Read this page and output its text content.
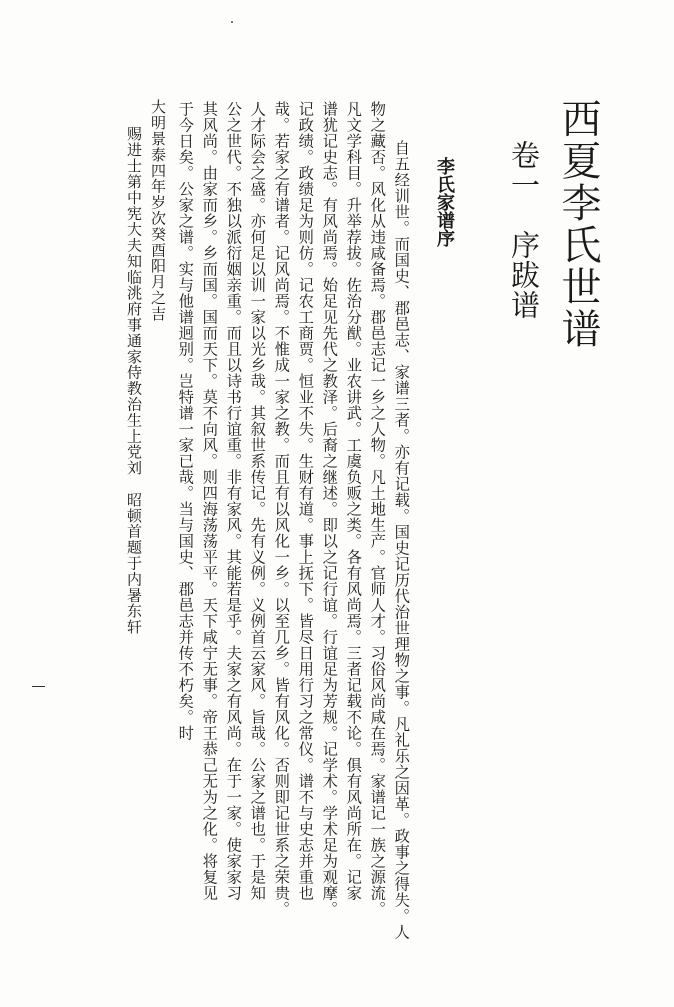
西夏李氏世谱
卷一　序跋谱
李氏家谱序
自五经训世。而国史、郡邑志、家谱三者。亦有记载。国史记历代治世理物之事。凡礼乐之因革。政事之得失。人
物之藏否。风化从违咸备焉。郡邑志记一乡之人物。凡土地生产。官师人才。习俗风尚咸在焉。家谱记一族之源流。
凡文学科目。升举荐拔。佐治分猷。业农讲武。工虞负贩之类。各有风尚焉。三者记载不论。俱有风尚所在。记家
谱犹记史志。有风尚焉。始足见先代之教泽。后裔之继述。即以之记行谊。行谊足为芳规。记学术。学术足为观摩。
记政绩。政绩足为则仿。记农工商贾。恒业不失。生财有道。事上抚下。皆尽日用行习之常仪。谱不与史志并重也
哉。若家之有谱者。记风尚焉。不惟成一家之教。而且有以风化一乡。以至几乡。皆有风化。否则即记世系之荣贵。
人才际会之盛。亦何足以训一家以光乡哉。其叙世系传记。先有义例。义例首云家风。旨哉。公家之谱也。于是知
公之世代。不独以派衍姻亲重。而且以诗书行谊重。非有家风。其能若是乎。夫家之有风尚。在于一家。使家家习
其风尚。由家而乡。乡而国。国而天下。莫不向风。则四海荡荡平平。天下咸宁无事。帝王恭己无为之化。将复见
于今日矣。公家之谱。实与他谱迥别。岂特谱一家已哉。当与国史、郡邑志并传不朽矣。时
大明景泰四年岁次癸酉阳月之吉
赐进士第中宪大夫知临洮府事通家侍教治生上党刘　昭顿首题于内暑东轩
